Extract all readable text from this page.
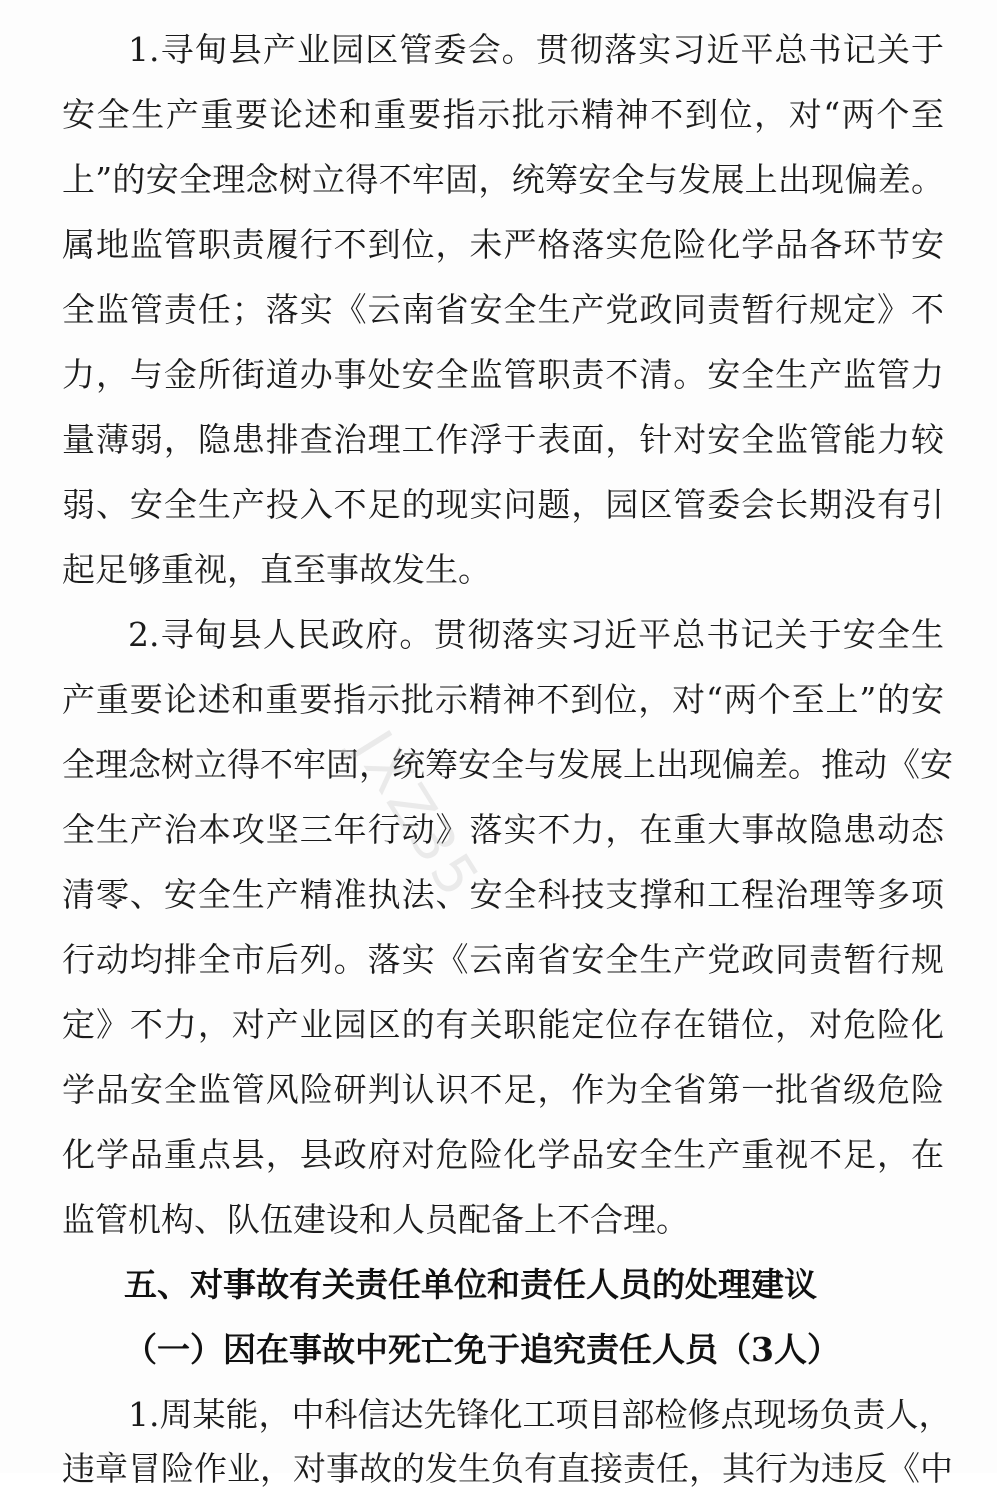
1.寻甸县产业园区管委会。贯彻落实习近平总书记关于
安全生产重要论述和重要指示批示精神不到位，对“两个至
上”的安全理念树立得不牢固，统筹安全与发展上出现偏差。
属地监管职责履行不到位，未严格落实危险化学品各环节安
全监管责任；落实《云南省安全生产党政同责暂行规定》不
力，与金所街道办事处安全监管职责不清。安全生产监管力
量薄弱，隐患排查治理工作浮于表面，针对安全监管能力较
弱、安全生产投入不足的现实问题，园区管委会长期没有引
起足够重视，直至事故发生。
2.寻甸县人民政府。贯彻落实习近平总书记关于安全生
产重要论述和重要指示批示精神不到位，对“两个至上”的安
全理念树立得不牢固，统筹安全与发展上出现偏差。推动《安
全生产治本攻坚三年行动》落实不力，在重大事故隐患动态
清零、安全生产精准执法、安全科技支撑和工程治理等多项
行动均排全市后列。落实《云南省安全生产党政同责暂行规
定》不力，对产业园区的有关职能定位存在错位，对危险化
学品安全监管风险研判认识不足，作为全省第一批省级危险
化学品重点县，县政府对危险化学品安全生产重视不足，在
监管机构、队伍建设和人员配备上不合理。
五、对事故有关责任单位和责任人员的处理建议
（一）因在事故中死亡免于追究责任人员（3人）
1.周某能，中科信达先锋化工项目部检修点现场负责人，
违章冒险作业，对事故的发生负有直接责任，其行为违反《中
JXZ35
